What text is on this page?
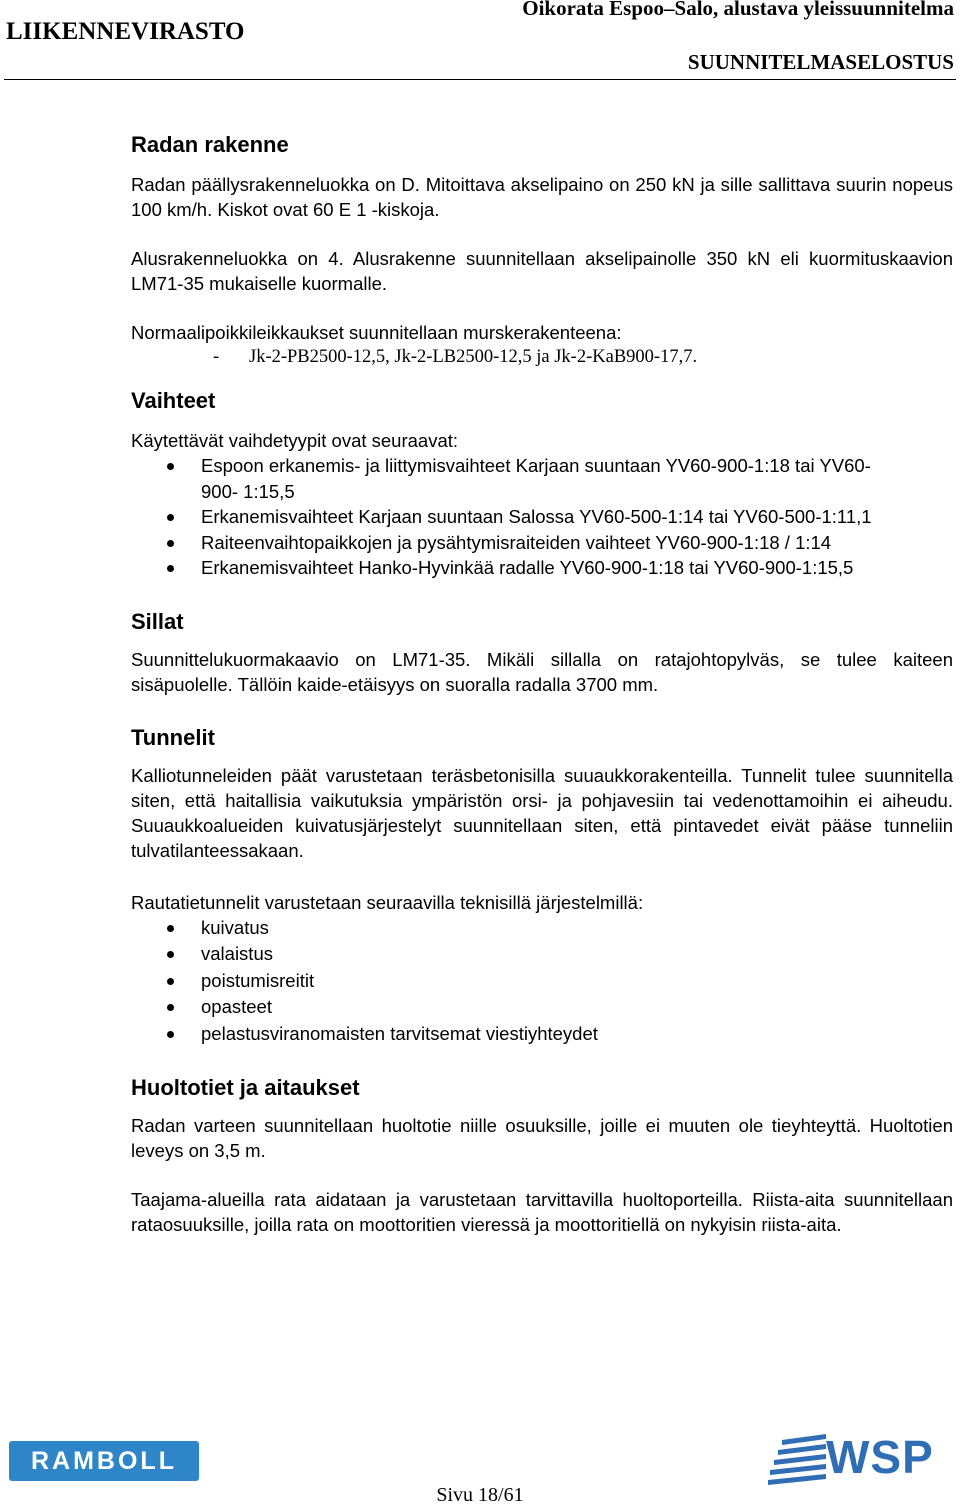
LIIKENNEVIRASTO
Oikorata Espoo–Salo, alustava yleissuunnitelma
SUUNNITELMASELOSTUS
Radan rakenne

Radan päällysrakenneluokka on D. Mitoittava akselipaino on 250 kN ja sille sallittava suurin nopeus 100 km/h. Kiskot ovat 60 E 1 -kiskoja.

Alusrakenneluokka on 4. Alusrakenne suunnitellaan akselipainolle 350 kN eli kuormituskaavion LM71-35 mukaiselle kuormalle.

Normaalipoikkileikkaukset suunnitellaan murskerakenteena:

- Jk-2-PB2500-12,5, Jk-2-LB2500-12,5 ja Jk-2-KaB900-17,7.
Vaihteet

Käytettävät vaihdetyypit ovat seuraavat:

Espoon erkanemis- ja liittymisvaihteet Karjaan suuntaan YV60-900-1:18 tai YV60-900- 1:15,5
Erkanemisvaihteet Karjaan suuntaan Salossa YV60-500-1:14 tai YV60-500-1:11,1
Raiteenvaihtopaikkojen ja pysähtymisraiteiden vaihteet YV60-900-1:18 / 1:14
Erkanemisvaihteet Hanko-Hyvinkää radalle YV60-900-1:18 tai YV60-900-1:15,5
Sillat

Suunnittelukuormakaavio on LM71-35. Mikäli sillalla on ratajohtopylväs, se tulee kaiteen sisäpuolelle. Tällöin kaide-etäisyys on suoralla radalla 3700 mm.

Tunnelit

Kalliotunneleiden päät varustetaan teräsbetonisilla suuaukkorakenteilla. Tunnelit tulee suunnitella siten, että haitallisia vaikutuksia ympäristön orsi- ja pohjavesiin tai vedenottamoihin ei aiheudu. Suuaukkoalueiden kuivatusjärjestelyt suunnitellaan siten, että pintavedet eivät pääse tunneliin tulvatilanteessakaan.

Rautatietunnelit varustetaan seuraavilla teknisillä järjestelmillä:

kuivatus
valaistus
poistumisreitit
opasteet
pelastusviranomaisten tarvitsemat viestiyhteydet
Huoltotiet ja aitaukset

Radan varteen suunnitellaan huoltotie niille osuuksille, joille ei muuten ole tieyhteyttä. Huoltotien leveys on 3,5 m.

Taajama-alueilla rata aidataan ja varustetaan tarvittavilla huoltoporteilla. Riista-aita suunnitellaan rataosuuksille, joilla rata on moottoritien vieressä ja moottoritiellä on nykyisin riista-aita.

RAMBOLL	WSP
Sivu 18/61
